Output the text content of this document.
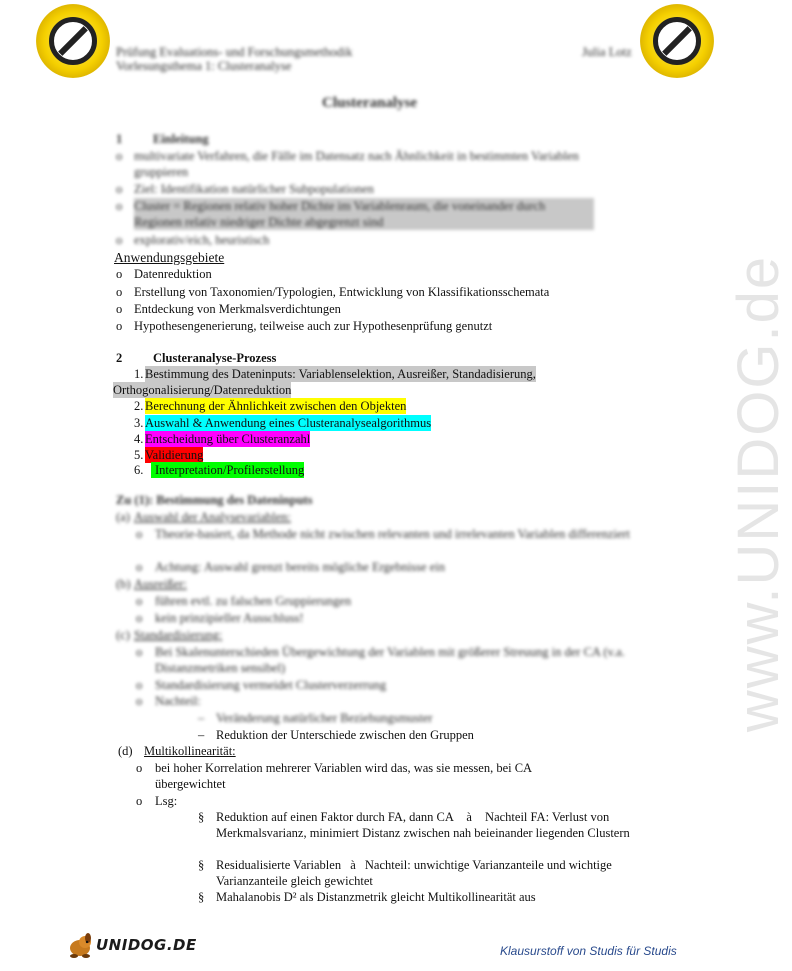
www.UNIDOG.de
Prüfung Evaluations- und Forschungsmethodik
Vorlesungsthema 1: Clusteranalyse
Julia Lotz
Clusteranalyse
1 Einleitung
o multivariate Verfahren, die Fälle im Datensatz nach Ähnlichkeit in bestimmten Variablen gruppieren
o Ziel: Identifikation natürlicher Subpopulationen
o Cluster = Regionen relativ hoher Dichte im Variablenraum, die voneinander durch Regionen relativ niedriger Dichte abgegrenzt sind
o explorativ/eich, heuristisch
Anwendungsgebiete
o Datenreduktion
o Erstellung von Taxonomien/Typologien, Entwicklung von Klassifikationsschemata
o Entdeckung von Merkmalsverdichtungen
o Hypothesengenerierung, teilweise auch zur Hypothesenprüfung genutzt
2 Clusteranalyse-Prozess
1. Bestimmung des Dateninputs: Variablenselektion, Ausreißer, Standadisierung,
Orthogonalisierung/Datenreduktion
2. Berechnung der Ähnlichkeit zwischen den Objekten
3. Auswahl & Anwendung eines Clusteranalysealgorithmus
4. Entscheidung über Clusteranzahl
5. Validierung
6. Interpretation/Profilerstellung
Zu (1): Bestimmung des Dateninputs
(a) Auswahl der Analysevariablen:
o Theorie-basiert, da Methode nicht zwischen relevanten und irrelevanten Variablen differenziert
o Achtung: Auswahl grenzt bereits mögliche Ergebnisse ein
(b) Ausreißer:
o führen evtl. zu falschen Gruppierungen
o kein prinzipieller Ausschluss!
(c) Standardisierung:
o Bei Skalenunterschieden Übergewichtung der Variablen mit größerer Streuung in der CA (v.a. Distanzmetriken sensibel)
o Standardisierung vermeidet Clusterverzerrung
o Nachteil:
– Veränderung natürlicher Beziehungsmuster
– Reduktion der Unterschiede zwischen den Gruppen
(d) Multikollinearität:
o bei hoher Korrelation mehrerer Variablen wird das, was sie messen, bei CA übergewichtet
o Lsg:
§ Reduktion auf einen Faktor durch FA, dann CA à Nachteil FA: Verlust von Merkmalsvarianz, minimiert Distanz zwischen nah beieinander liegenden Clustern
§ Residualisierte Variablen à Nachteil: unwichtige Varianzanteile und wichtige Varianzanteile gleich gewichtet
§ Mahalanobis D² als Distanzmetrik gleicht Multikollinearität aus
UNIDOG.DE	Klausurstoff von Studis für Studis
